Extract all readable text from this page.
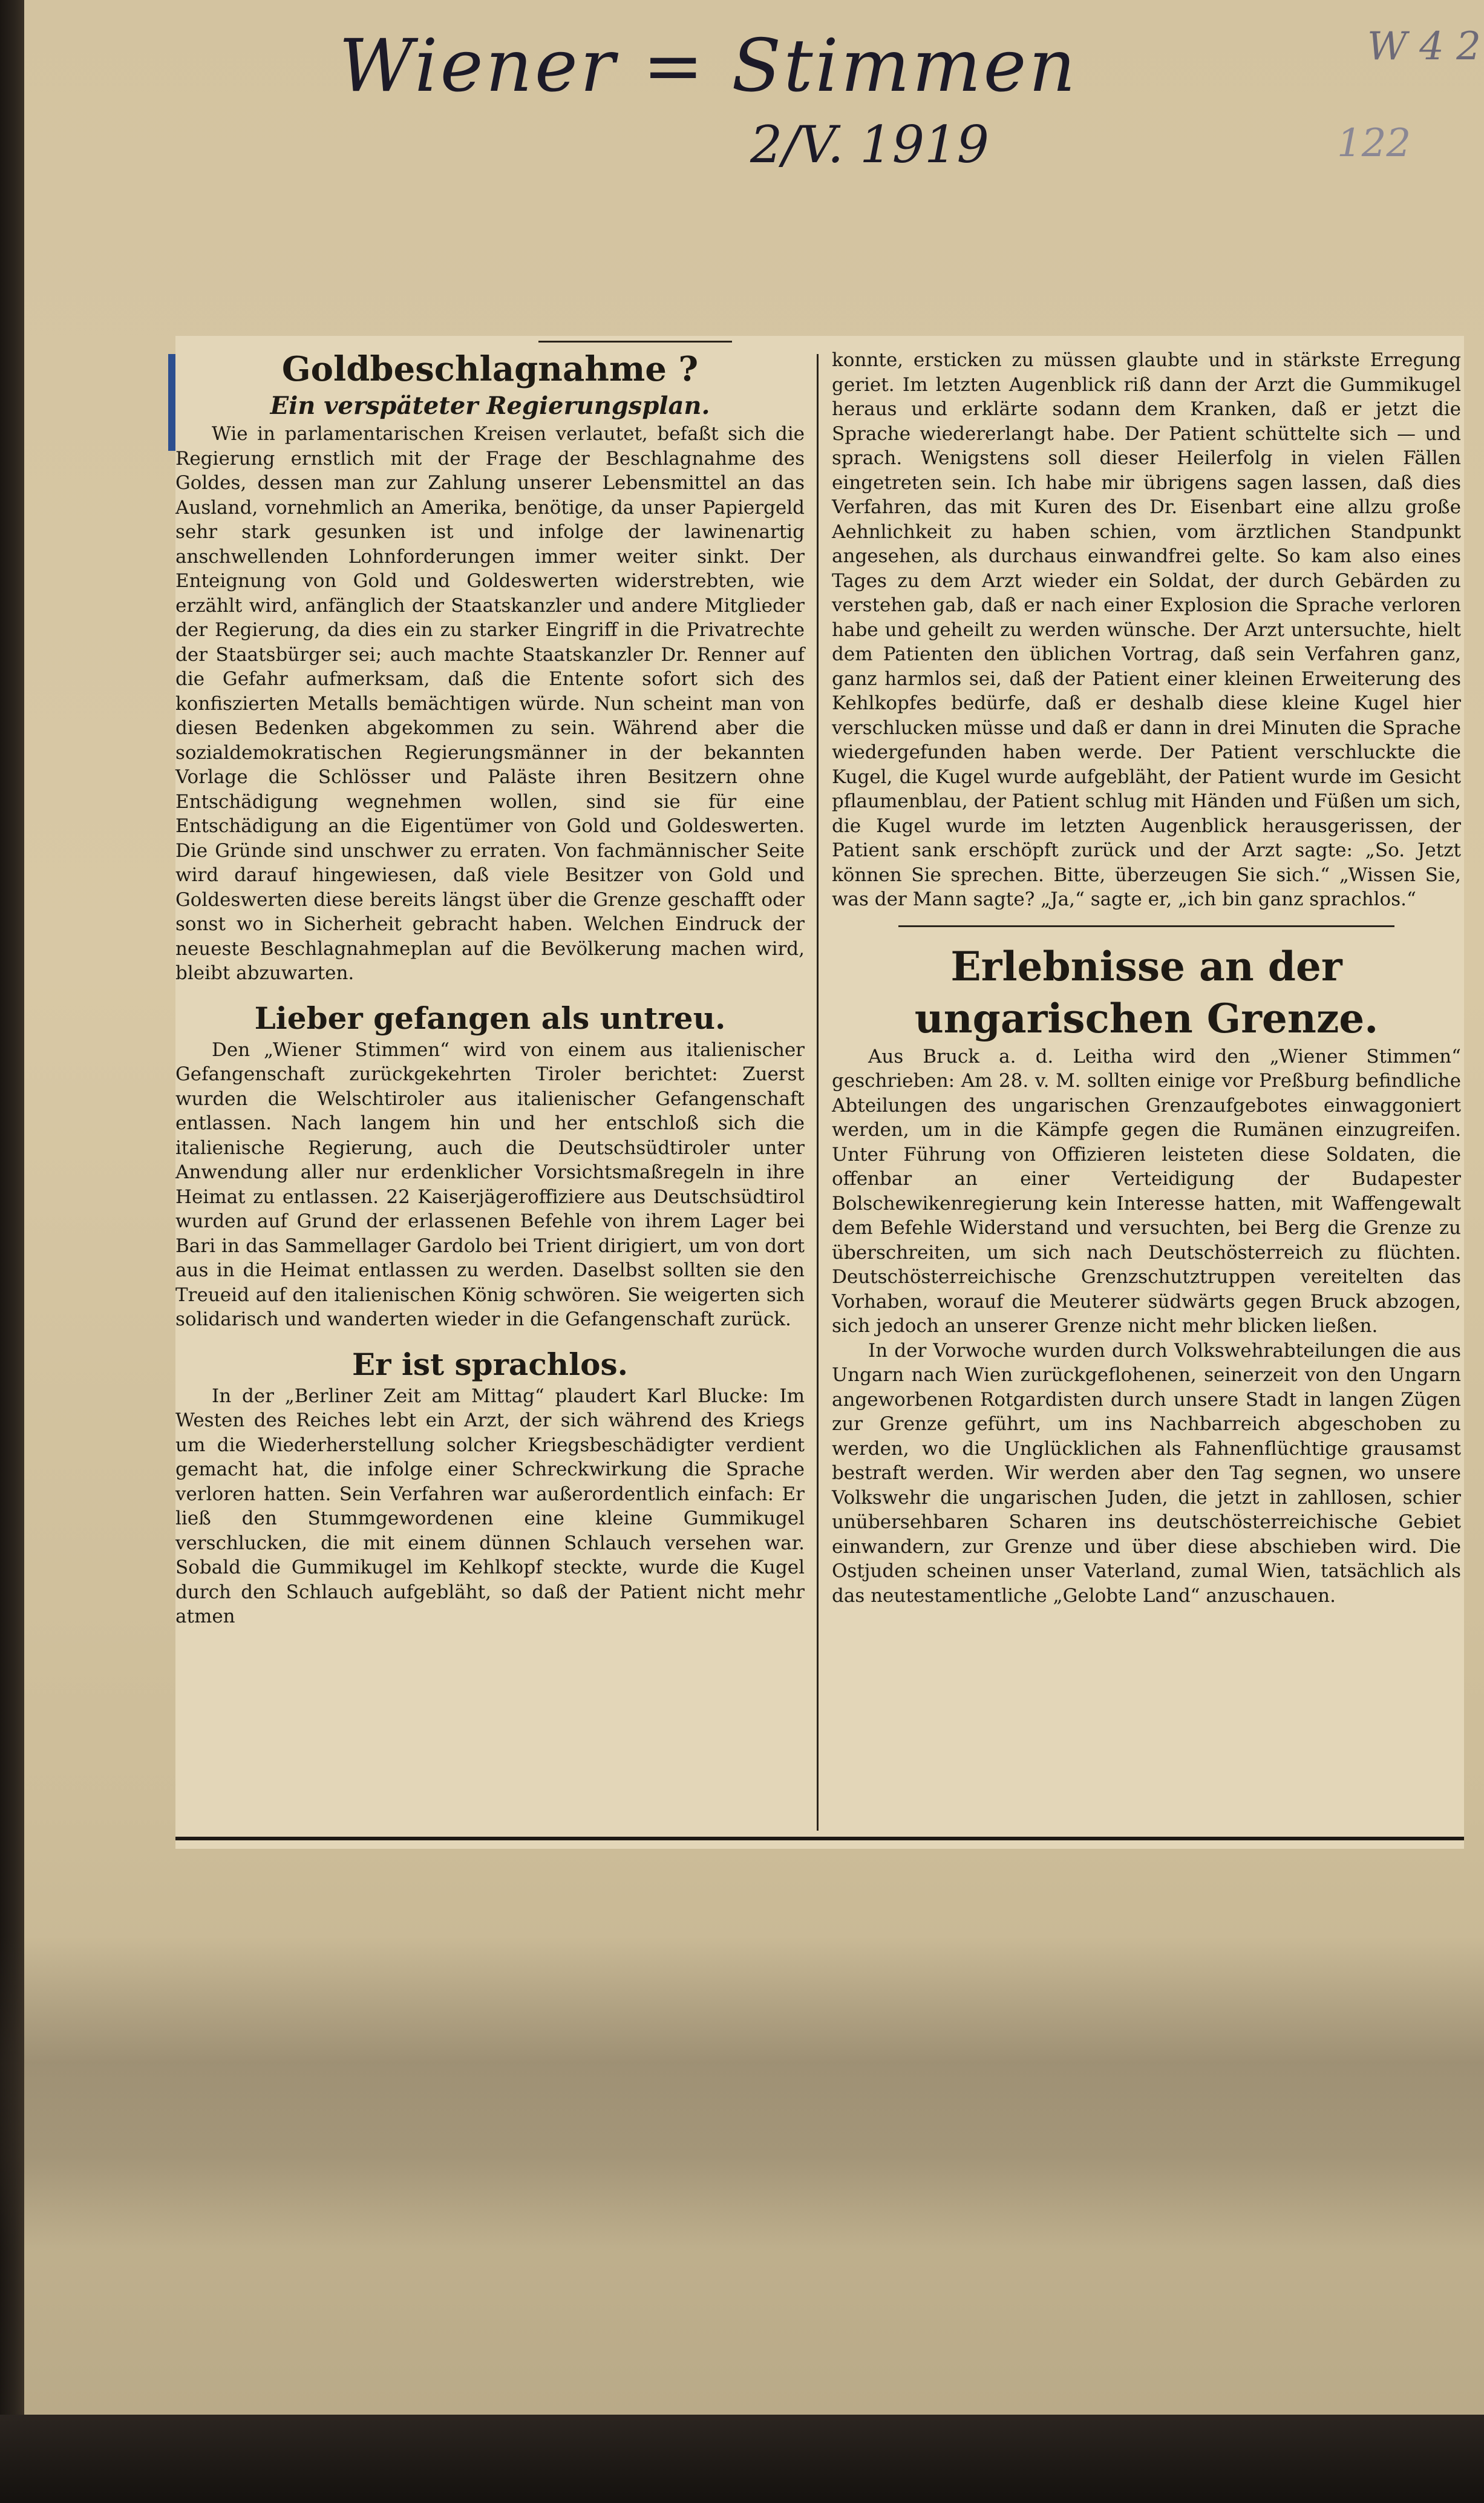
Wiener = Stimmen
2/V. 1919
W 4 2
122
Goldbeschlagnahme ?
Ein verspäteter Regierungsplan.

Wie in parlamentarischen Kreisen verlautet, befaßt sich die Regierung ernstlich mit der Frage der Beschlagnahme des Goldes, dessen man zur Zahlung unserer Lebensmittel an das Ausland, vornehmlich an Amerika, benötige, da unser Papiergeld sehr stark gesunken ist und infolge der lawinenartig anschwellenden Lohnforderungen immer weiter sinkt. Der Enteignung von Gold und Goldeswerten widerstrebten, wie erzählt wird, anfänglich der Staatskanzler und andere Mitglieder der Regierung, da dies ein zu starker Eingriff in die Privatrechte der Staatsbürger sei; auch machte Staatskanzler Dr. Renner auf die Gefahr aufmerksam, daß die Entente sofort sich des konfiszierten Metalls bemächtigen würde. Nun scheint man von diesen Bedenken abgekommen zu sein. Während aber die sozialdemokratischen Regierungsmänner in der bekannten Vorlage die Schlösser und Paläste ihren Besitzern ohne Entschädigung wegnehmen wollen, sind sie für eine Entschädigung an die Eigentümer von Gold und Goldeswerten. Die Gründe sind unschwer zu erraten. Von fachmännischer Seite wird darauf hingewiesen, daß viele Besitzer von Gold und Goldeswerten diese bereits längst über die Grenze geschafft oder sonst wo in Sicherheit gebracht haben. Welchen Eindruck der neueste Beschlagnahmeplan auf die Bevölkerung machen wird, bleibt abzuwarten.

Lieber gefangen als untreu.

Den „Wiener Stimmen“ wird von einem aus italienischer Gefangenschaft zurückgekehrten Tiroler berichtet: Zuerst wurden die Welschtiroler aus italienischer Gefangenschaft entlassen. Nach langem hin und her entschloß sich die italienische Regierung, auch die Deutschsüdtiroler unter Anwendung aller nur erdenklicher Vorsichtsmaßregeln in ihre Heimat zu entlassen. 22 Kaiserjägeroffiziere aus Deutschsüdtirol wurden auf Grund der erlassenen Befehle von ihrem Lager bei Bari in das Sammellager Gardolo bei Trient dirigiert, um von dort aus in die Heimat entlassen zu werden. Daselbst sollten sie den Treueid auf den italienischen König schwören. Sie weigerten sich solidarisch und wanderten wieder in die Gefangenschaft zurück.

Er ist sprachlos.

In der „Berliner Zeit am Mittag“ plaudert Karl Blucke: Im Westen des Reiches lebt ein Arzt, der sich während des Kriegs um die Wiederherstellung solcher Kriegsbeschädigter verdient gemacht hat, die infolge einer Schreckwirkung die Sprache verloren hatten. Sein Verfahren war außerordentlich einfach: Er ließ den Stummgewordenen eine kleine Gummikugel verschlucken, die mit einem dünnen Schlauch versehen war. Sobald die Gummikugel im Kehlkopf steckte, wurde die Kugel durch den Schlauch aufgebläht, so daß der Patient nicht mehr atmen

konnte, ersticken zu müssen glaubte und in stärkste Erregung geriet. Im letzten Augenblick riß dann der Arzt die Gummikugel heraus und erklärte sodann dem Kranken, daß er jetzt die Sprache wiedererlangt habe. Der Patient schüttelte sich — und sprach. Wenigstens soll dieser Heilerfolg in vielen Fällen eingetreten sein. Ich habe mir übrigens sagen lassen, daß dies Verfahren, das mit Kuren des Dr. Eisenbart eine allzu große Aehnlichkeit zu haben schien, vom ärztlichen Standpunkt angesehen, als durchaus einwandfrei gelte. So kam also eines Tages zu dem Arzt wieder ein Soldat, der durch Gebärden zu verstehen gab, daß er nach einer Explosion die Sprache verloren habe und geheilt zu werden wünsche. Der Arzt untersuchte, hielt dem Patienten den üblichen Vortrag, daß sein Verfahren ganz, ganz harmlos sei, daß der Patient einer kleinen Erweiterung des Kehlkopfes bedürfe, daß er deshalb diese kleine Kugel hier verschlucken müsse und daß er dann in drei Minuten die Sprache wiedergefunden haben werde. Der Patient verschluckte die Kugel, die Kugel wurde aufgebläht, der Patient wurde im Gesicht pflaumenblau, der Patient schlug mit Händen und Füßen um sich, die Kugel wurde im letzten Augenblick herausgerissen, der Patient sank erschöpft zurück und der Arzt sagte: „So. Jetzt können Sie sprechen. Bitte, überzeugen Sie sich.“ „Wissen Sie, was der Mann sagte? „Ja,“ sagte er, „ich bin ganz sprachlos.“

Erlebnisse an der ungarischen Grenze.

Aus Bruck a. d. Leitha wird den „Wiener Stimmen“ geschrieben: Am 28. v. M. sollten einige vor Preßburg befindliche Abteilungen des ungarischen Grenzaufgebotes einwaggoniert werden, um in die Kämpfe gegen die Rumänen einzugreifen. Unter Führung von Offizieren leisteten diese Soldaten, die offenbar an einer Verteidigung der Budapester Bolschewikenregierung kein Interesse hatten, mit Waffengewalt dem Befehle Widerstand und versuchten, bei Berg die Grenze zu überschreiten, um sich nach Deutschösterreich zu flüchten. Deutschösterreichische Grenzschutztruppen vereitelten das Vorhaben, worauf die Meuterer südwärts gegen Bruck abzogen, sich jedoch an unserer Grenze nicht mehr blicken ließen.

In der Vorwoche wurden durch Volkswehrabteilungen die aus Ungarn nach Wien zurückgeflohenen, seinerzeit von den Ungarn angeworbenen Rotgardisten durch unsere Stadt in langen Zügen zur Grenze geführt, um ins Nachbarreich abgeschoben zu werden, wo die Unglücklichen als Fahnenflüchtige grausamst bestraft werden. Wir werden aber den Tag segnen, wo unsere Volkswehr die ungarischen Juden, die jetzt in zahllosen, schier unübersehbaren Scharen ins deutschösterreichische Gebiet einwandern, zur Grenze und über diese abschieben wird. Die Ostjuden scheinen unser Vaterland, zumal Wien, tatsächlich als das neutestamentliche „Gelobte Land“ anzuschauen.
